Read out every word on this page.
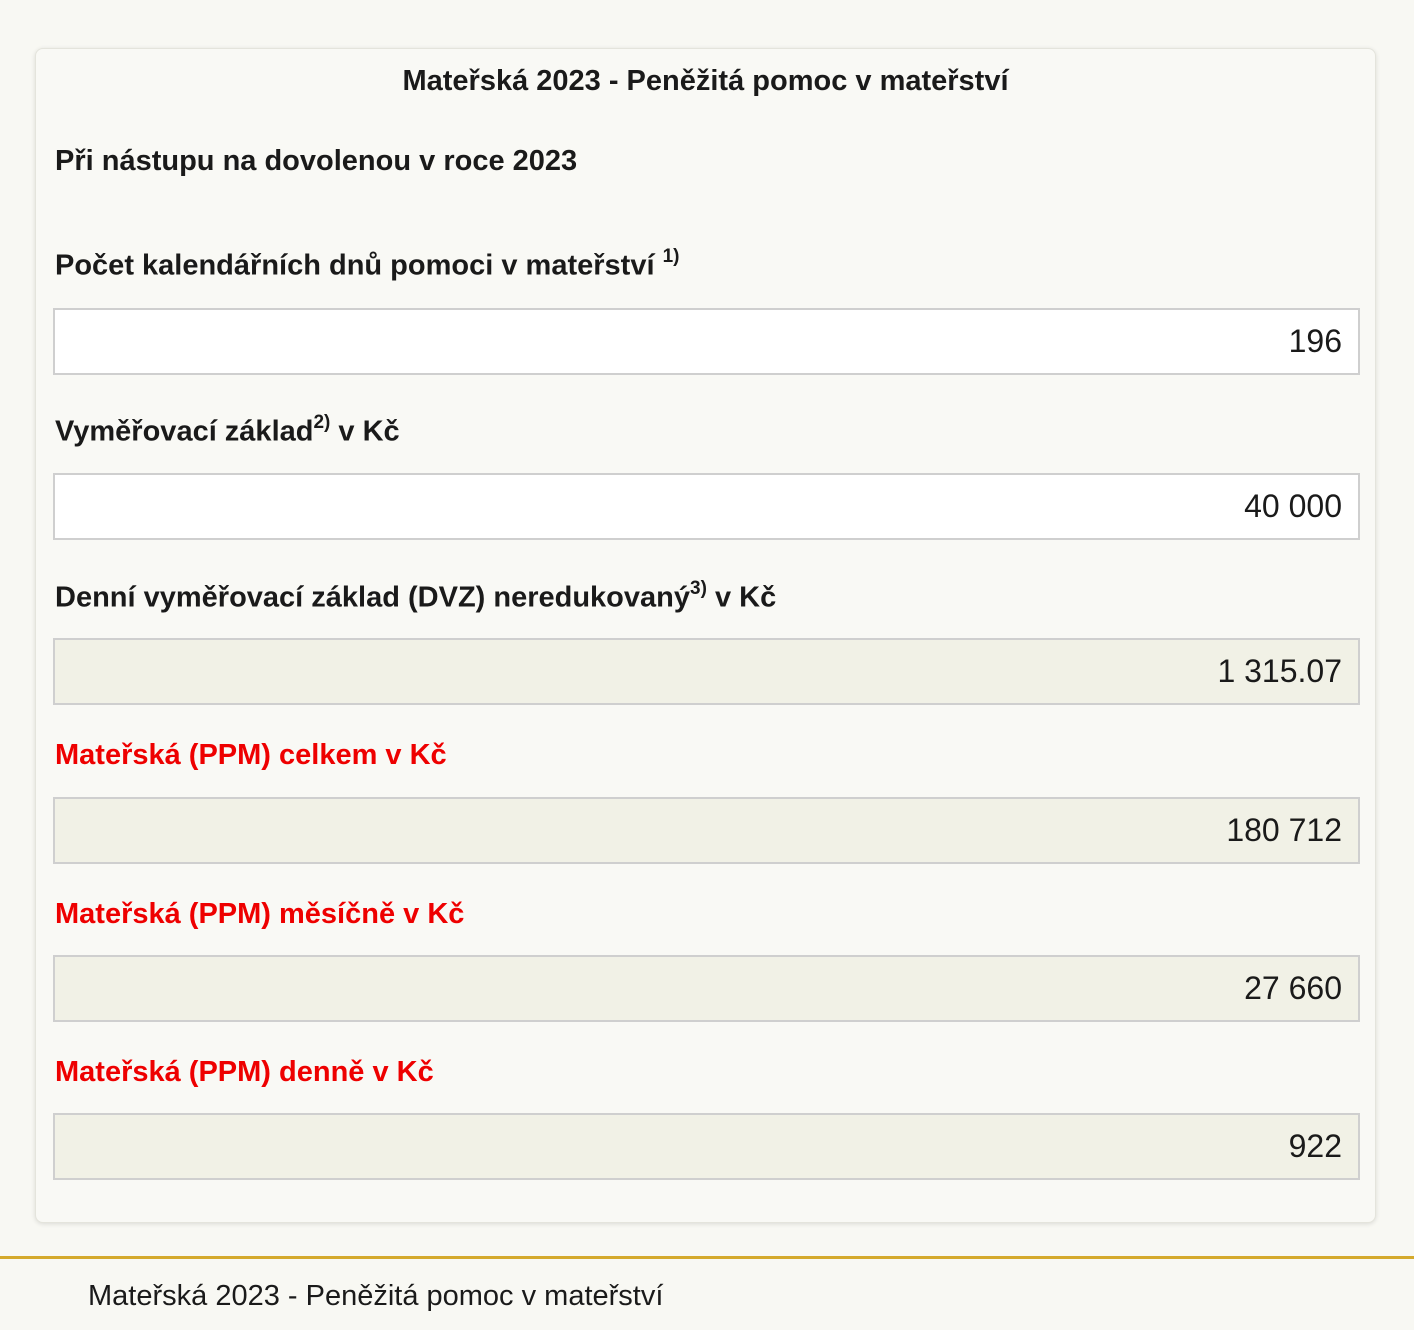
Mateřská 2023 - Peněžitá pomoc v mateřství
Při nástupu na dovolenou v roce 2023
Počet kalendářních dnů pomoci v mateřství $^{1)}$
196
Vyměřovací základ$^{2)}$ v Kč
40 000
Denní vyměřovací základ (DVZ) neredukovaný$^{3)}$ v Kč
1 315.07
Mateřská (PPM) celkem v Kč
180 712
Mateřská (PPM) měsíčně v Kč
27 660
Mateřská (PPM) denně v Kč
922
Mateřská 2023 - Peněžitá pomoc v mateřství
